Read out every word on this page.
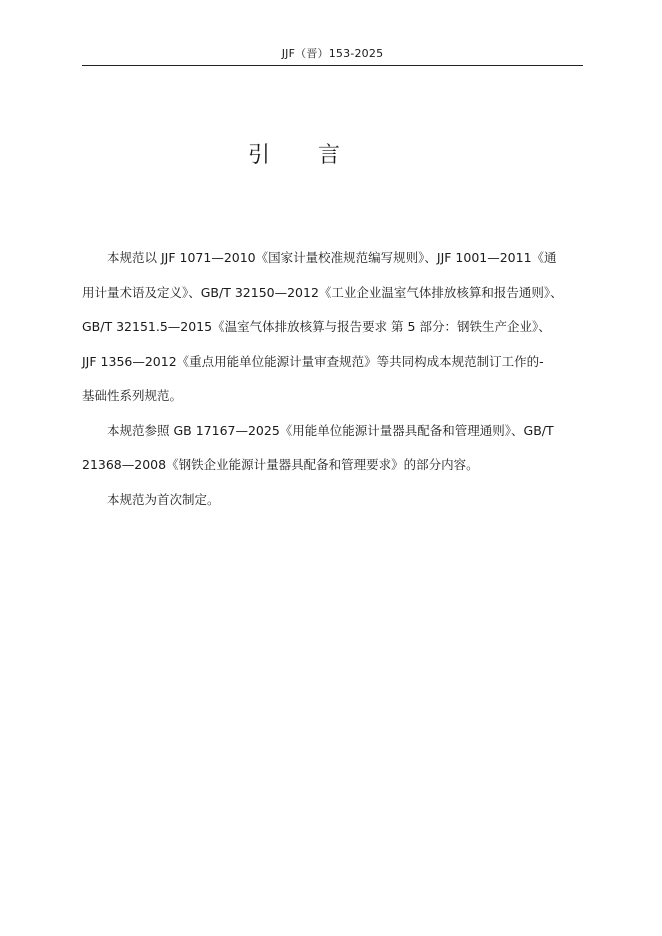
JJF（晋）153-2025
引言
本规范以 JJF 1071—2010《国家计量校准规范编写规则》、JJF 1001—2011《通
用计量术语及定义》、GB/T 32150—2012《工业企业温室气体排放核算和报告通则》、
GB/T 32151.5—2015《温室气体排放核算与报告要求 第 5 部分：钢铁生产企业》、
JJF 1356—2012《重点用能单位能源计量审查规范》等共同构成本规范制订工作的-
基础性系列规范。
本规范参照 GB 17167—2025《用能单位能源计量器具配备和管理通则》、GB/T
21368—2008《钢铁企业能源计量器具配备和管理要求》的部分内容。
本规范为首次制定。
